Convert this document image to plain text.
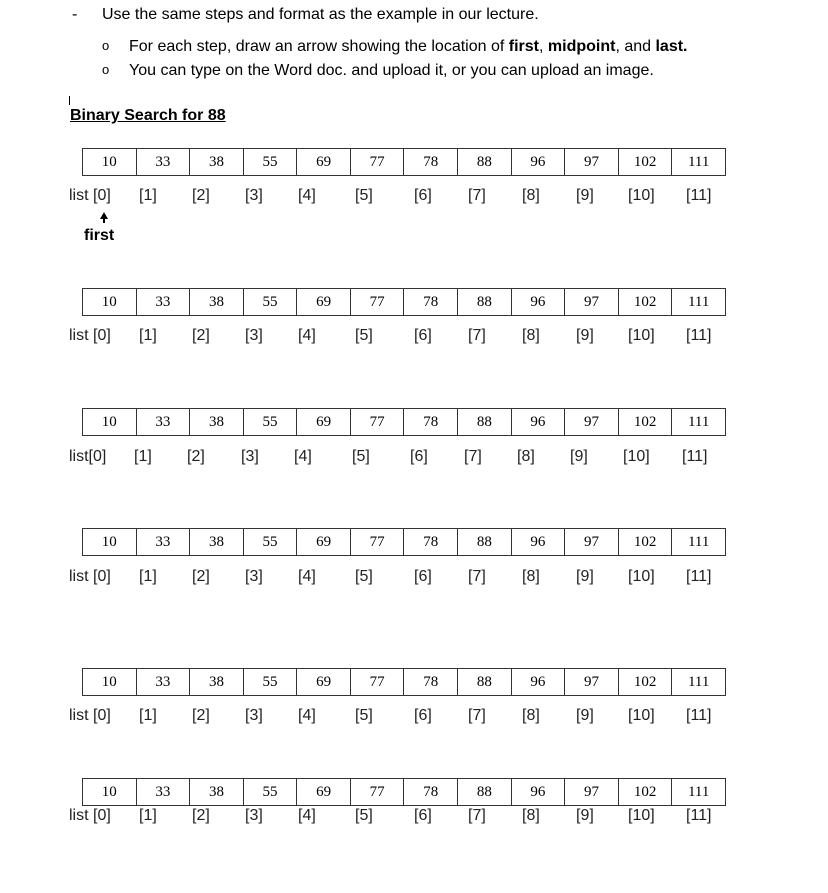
- Use the same steps and format as the example in our lecture.
o For each step, draw an arrow showing the location of first, midpoint, and last.
o You can type on the Word doc. and upload it, or you can upload an image.
Binary Search for 88
10	33	38	55	69	77	78	88	96	97	102	111
list [0] [1] [2] [3] [4] [5]	[6] [7] [8] [9] [10] [11]
10	33	38	55	69	77	78	88	96	97	102	111
list [0] [1] [2] [3] [4] [5]	[6] [7] [8] [9] [10] [11]
10	33	38	55	69	77	78	88	96	97	102	111
list[0] [1] [2] [3] [4]	[5]	[6] [7] [8] [9] [10] [11]
10	33	38	55	69	77	78	88	96	97	102	111
list [0] [1] [2] [3] [4] [5]	[6] [7] [8] [9] [10] [11]
10	33	38	55	69	77	78	88	96	97	102	111
list [0] [1] [2] [3] [4] [5]	[6] [7] [8] [9] [10] [11]
10	33	38	55	69	77	78	88	96	97	102	111
list [0] [1] [2] [3] [4] [5]	[6] [7] [8] [9] [10] [11]
first
